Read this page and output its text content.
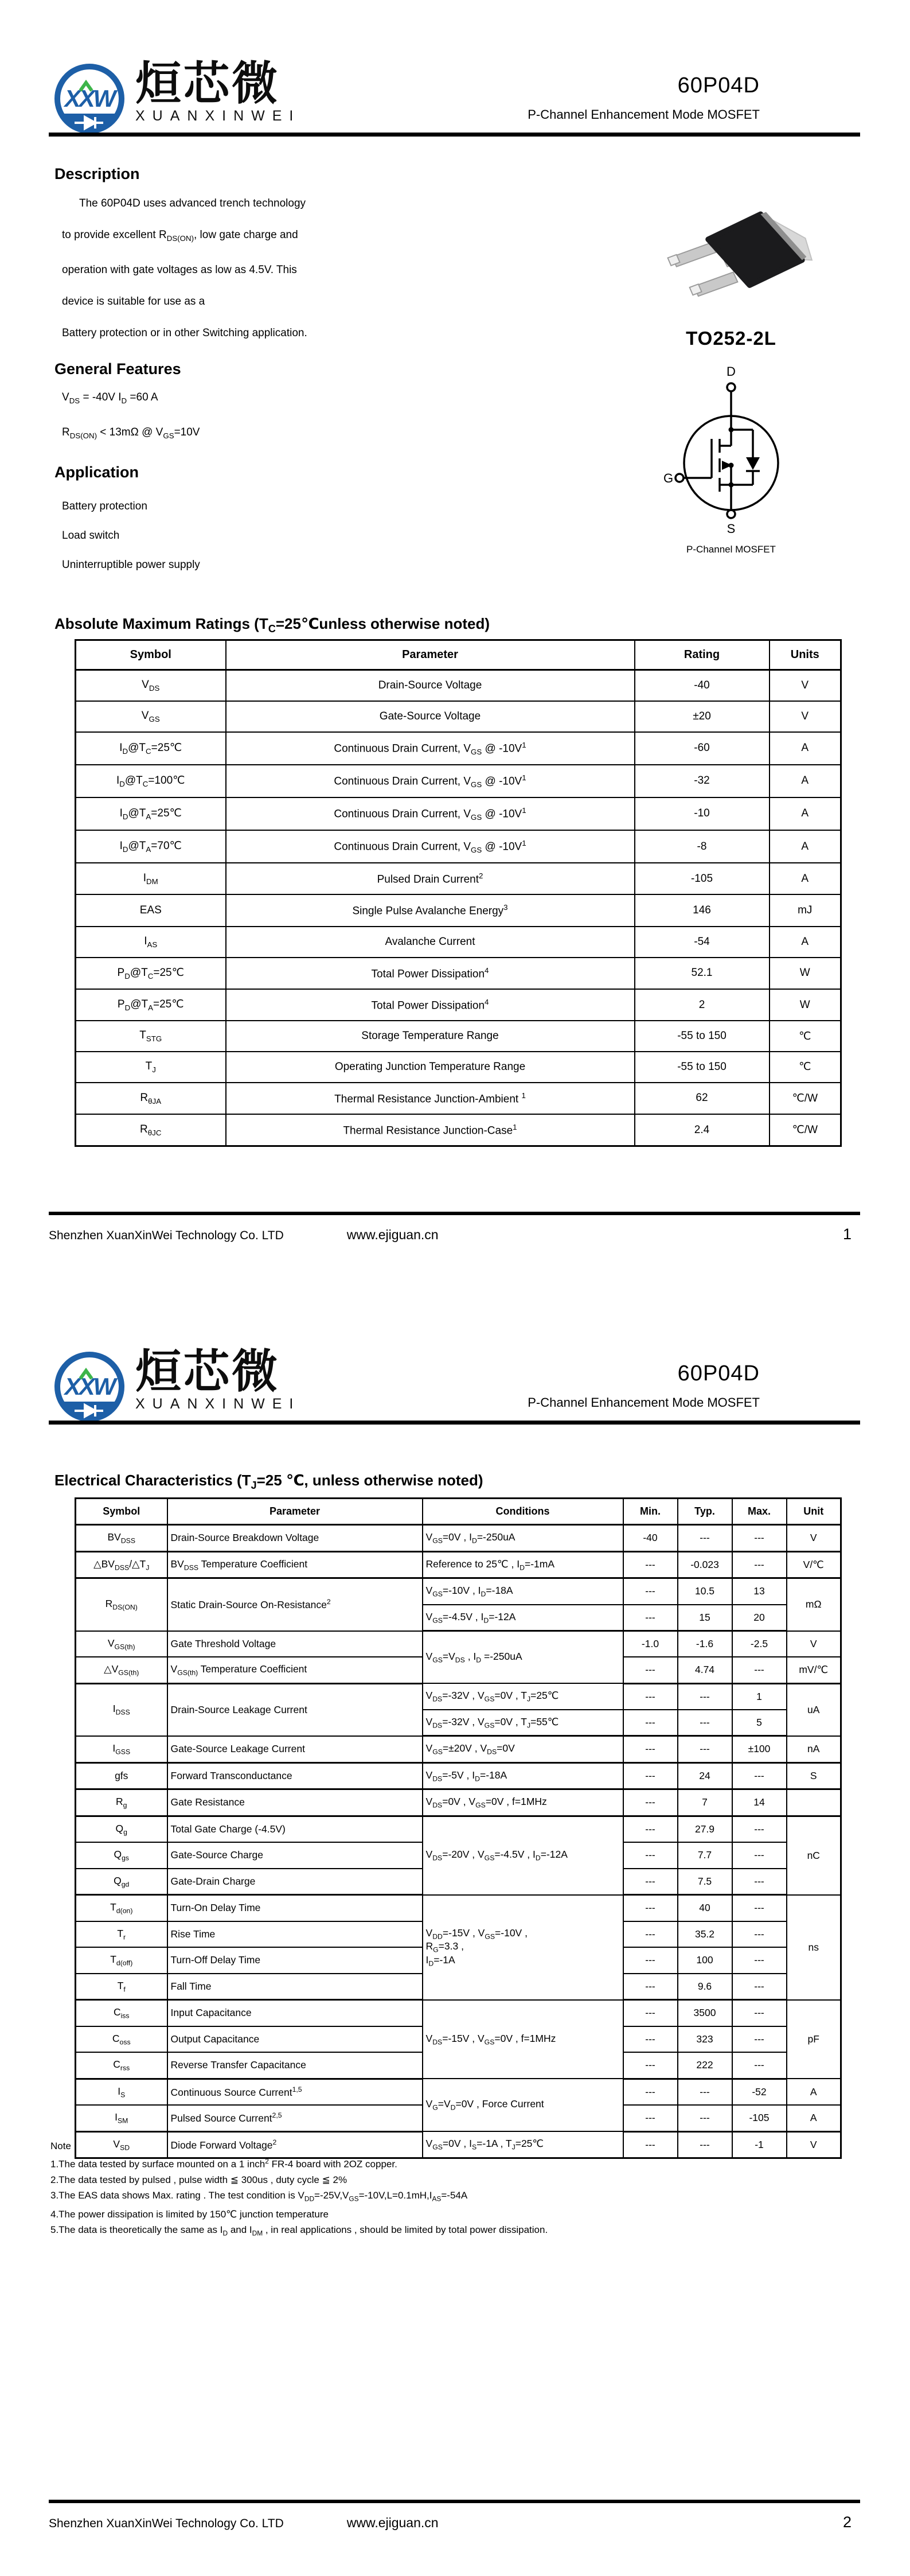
XXW 烜芯微
XUANXINWEI
60P04D
P-Channel Enhancement Mode MOSFET
Description
The 60P04D uses advanced trench technology
to provide excellent $R_{DS(ON)}$, low gate charge and
operation with gate voltages as low as 4.5V. This
device is suitable for use as a
Battery protection or in other Switching application.
General Features
$V_{DS} = -40V$ $I_D =60$ A
$R_{DS(ON)} < 13m\Omega$ @ $V_{GS}=10V$
Application
Battery protection
Load switch
Uninterruptible power supply
TO252-2L
D
G
S
P-Channel MOSFET
Absolute Maximum Ratings ($T_C=25℃unless$ otherwise noted)
Symbol	Parameter	Rating	Units
$V_{DS}$	Drain-Source Voltage	-40	V
$V_{GS}$	Gate-Source Voltage	±20	V
$I_D@T_C=25℃$	Continuous Drain Current, $V_{GS}$ @ $-10V^1$	-60	A
$I_D@T_C=100℃$	Continuous Drain Current, $V_{GS}$ @ $-10V^1$	-32	A
$I_D@T_A=25℃$	Continuous Drain Current, $V_{GS}$ @ $-10V^1$	-10	A
$I_D@T_A=70℃$	Continuous Drain Current, $V_{GS}$ @ $-10V^1$	-8	A
$I_{DM}$	Pulsed Drain Current$^2$	-105	A
EAS	Single Pulse Avalanche Energy$^3$	146	mJ
$I_{AS}$	Avalanche Current	-54	A
$P_D@T_C=25℃$	Total Power Dissipation$^4$	52.1	W
$P_D@T_A=25℃$	Total Power Dissipation$^4$	2	W
$T_{STG}$	Storage Temperature Range	-55 to 150	℃
$T_J$	Operating Junction Temperature Range	-55 to 150	℃
$R_{\theta JA}$	Thermal Resistance Junction-Ambient $^1$	62	℃/W
$R_{\theta JC}$	Thermal Resistance Junction-Case$^1$	2.4	℃/W
Shenzhen XuanXinWei Technology Co. LTD	www.ejiguan.cn	1
XXW 烜芯微
XUANXINWEI
60P04D
P-Channel Enhancement Mode MOSFET
Electrical Characteristics ($T_J=25$ ℃, unless otherwise noted)
Symbol	Parameter	Conditions	Min.	Typ.	Max.	Unit
$BV_{DSS}$	Drain-Source Breakdown Voltage	$V_{GS}=0V$ , $I_D=-250uA$	-40	---	---	V
$\triangle BV_{DSS}/\triangle T_J$	$BV_{DSS}$ Temperature Coefficient	Reference to 25℃ , $I_D=-1mA$	---	-0.023	---	V/℃
$R_{DS(ON)}$	Static Drain-Source On-Resistance$^2$	$V_{GS}=-10V$ , $I_D=-18A$	---	10.5	13	mΩ
		$V_{GS}=-4.5V$ , $I_D=-12A$	---	15	20	
$V_{GS(th)}$	Gate Threshold Voltage	$V_{GS}=V_{DS}$ , $I_D =-250uA$	-1.0	-1.6	-2.5	V
$\triangle V_{GS(th)}$	$V_{GS(th)}$ Temperature Coefficient		---	4.74	---	mV/℃
$I_{DSS}$	Drain-Source Leakage Current	$V_{DS}=-32V$ , $V_{GS}=0V$ , $T_J=25℃$	---	---	1	uA
		$V_{DS}=-32V$ , $V_{GS}=0V$ , $T_J=55℃$	---	---	5	
$I_{GSS}$	Gate-Source Leakage Current	$V_{GS}=\pm 20V$ , $V_{DS}=0V$	---	---	±100	nA
gfs	Forward Transconductance	$V_{DS}=-5V$ , $I_D=-18A$	---	24	---	S
$R_g$	Gate Resistance	$V_{DS}=0V$ , $V_{GS}=0V$ , f=1MHz	---	7	14	
$Q_g$	Total Gate Charge (-4.5V)	$V_{DS}=-20V$ , $V_{GS}=-4.5V$ , $I_D=-12A$	---	27.9	---	nC
$Q_{gs}$	Gate-Source Charge		---	7.7	---	
$Q_{gd}$	Gate-Drain Charge		---	7.5	---	
$T_{d(on)}$	Turn-On Delay Time	$V_{DD}=-15V$ , $V_{GS}=-10V$ ,
$R_G=3.3$ ,
$I_D=-1A$	---	40	---	ns
$T_r$	Rise Time		---	35.2	---	
$T_{d(off)}$	Turn-Off Delay Time		---	100	---	
$T_f$	Fall Time		---	9.6	---	
$C_{iss}$	Input Capacitance	$V_{DS}=-15V$ , $V_{GS}=0V$ , f=1MHz	---	3500	---	pF
$C_{oss}$	Output Capacitance		---	323	---	
$C_{rss}$	Reverse Transfer Capacitance		---	222	---	
$I_S$	Continuous Source Current$^{1,5}$	$V_G=V_D=0V$ , Force Current	---	---	-52	A
$I_{SM}$	Pulsed Source Current$^{2,5}$		---	---	-105	A
$V_{SD}$	Diode Forward Voltage$^2$	$V_{GS}=0V$ , $I_S=-1A$ , $T_J=25℃$	---	---	-1	V
Note :
1.The data tested by surface mounted on a 1 inch$^2$ FR-4 board with 2OZ copper.
2.The data tested by pulsed , pulse width ≦ 300us , duty cycle ≦ 2%
3.The EAS data shows Max. rating . The test condition is $V_{DD}=-25V,V_{GS}=-10V,L=0.1mH,I_{AS}=-54A$
4.The power dissipation is limited by 150℃ junction temperature
5.The data is theoretically the same as $I_D$ and $I_{DM}$ , in real applications , should be limited by total power dissipation.
Shenzhen XuanXinWei Technology Co. LTD	www.ejiguan.cn	2
